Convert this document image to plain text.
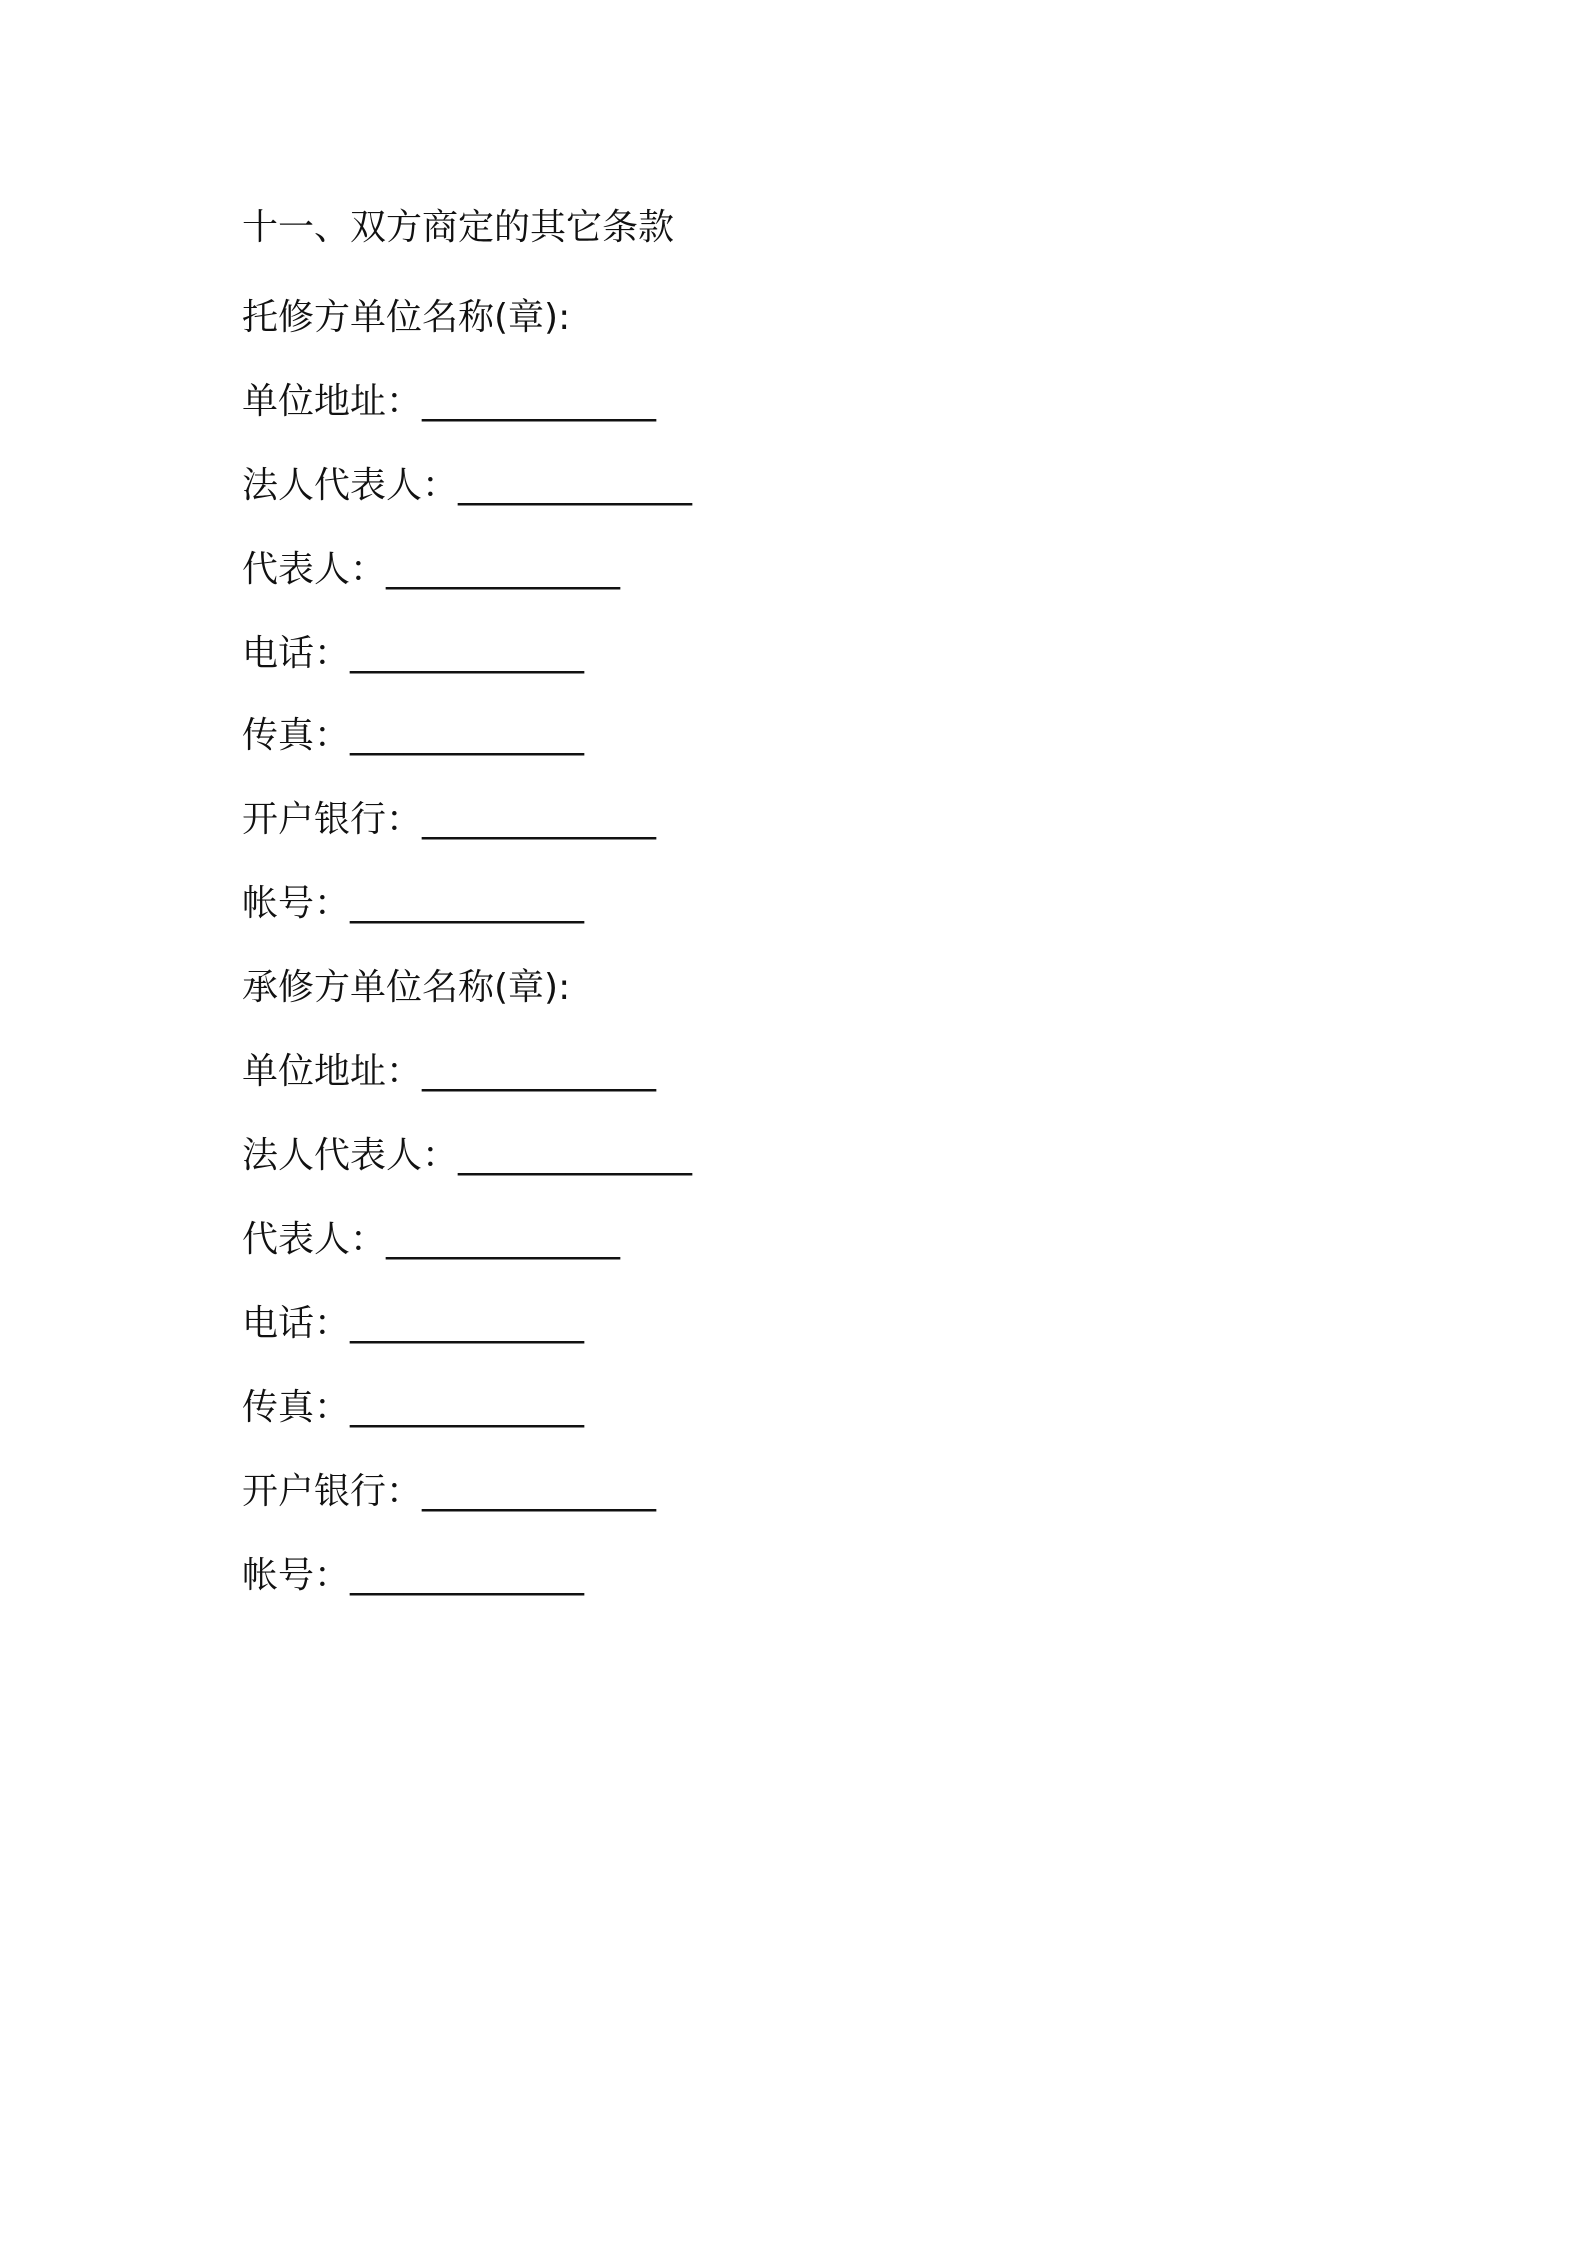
十一、双方商定的其它条款
托修方单位名称(章):
单位地址：_____________
法人代表人：_____________
代表人：_____________
电话：_____________
传真：_____________
开户银行：_____________
帐号：_____________
承修方单位名称(章):
单位地址：_____________
法人代表人：_____________
代表人：_____________
电话：_____________
传真：_____________
开户银行：_____________
帐号：_____________
